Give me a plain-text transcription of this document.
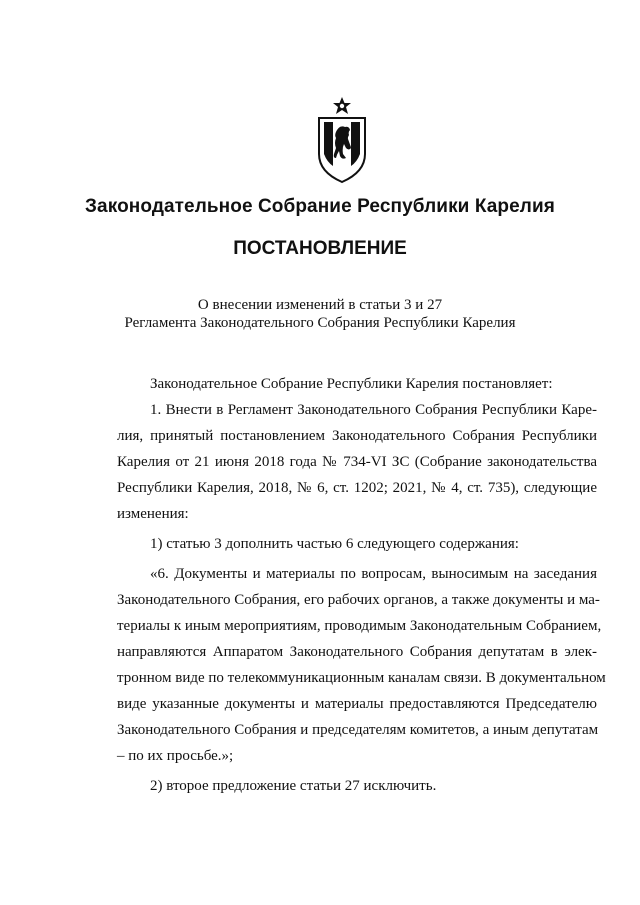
Законодательное Собрание Республики Карелия
ПОСТАНОВЛЕНИЕ
О внесении изменений в статьи 3 и 27
Регламента Законодательного Собрания Республики Карелия

Законодательное Собрание Республики Карелия постановляет:

1. Внести в Регламент Законодательного Собрания Республики Каре-
лия, принятый постановлением Законодательного Собрания Республики
Карелия от 21 июня 2018 года № 734-VI ЗС (Собрание законодательства
Республики Карелия, 2018, № 6, ст. 1202; 2021, № 4, ст. 735), следующие
изменения:

1) статью 3 дополнить частью 6 следующего содержания:

«6. Документы и материалы по вопросам, выносимым на заседания
Законодательного Собрания, его рабочих органов, а также документы и ма-
териалы к иным мероприятиям, проводимым Законодательным Собранием,
направляются Аппаратом Законодательного Собрания депутатам в элек-
тронном виде по телекоммуникационным каналам связи. В документальном
виде указанные документы и материалы предоставляются Председателю
Законодательного Собрания и председателям комитетов, а иным депутатам
– по их просьбе.»;

2) второе предложение статьи 27 исключить.
